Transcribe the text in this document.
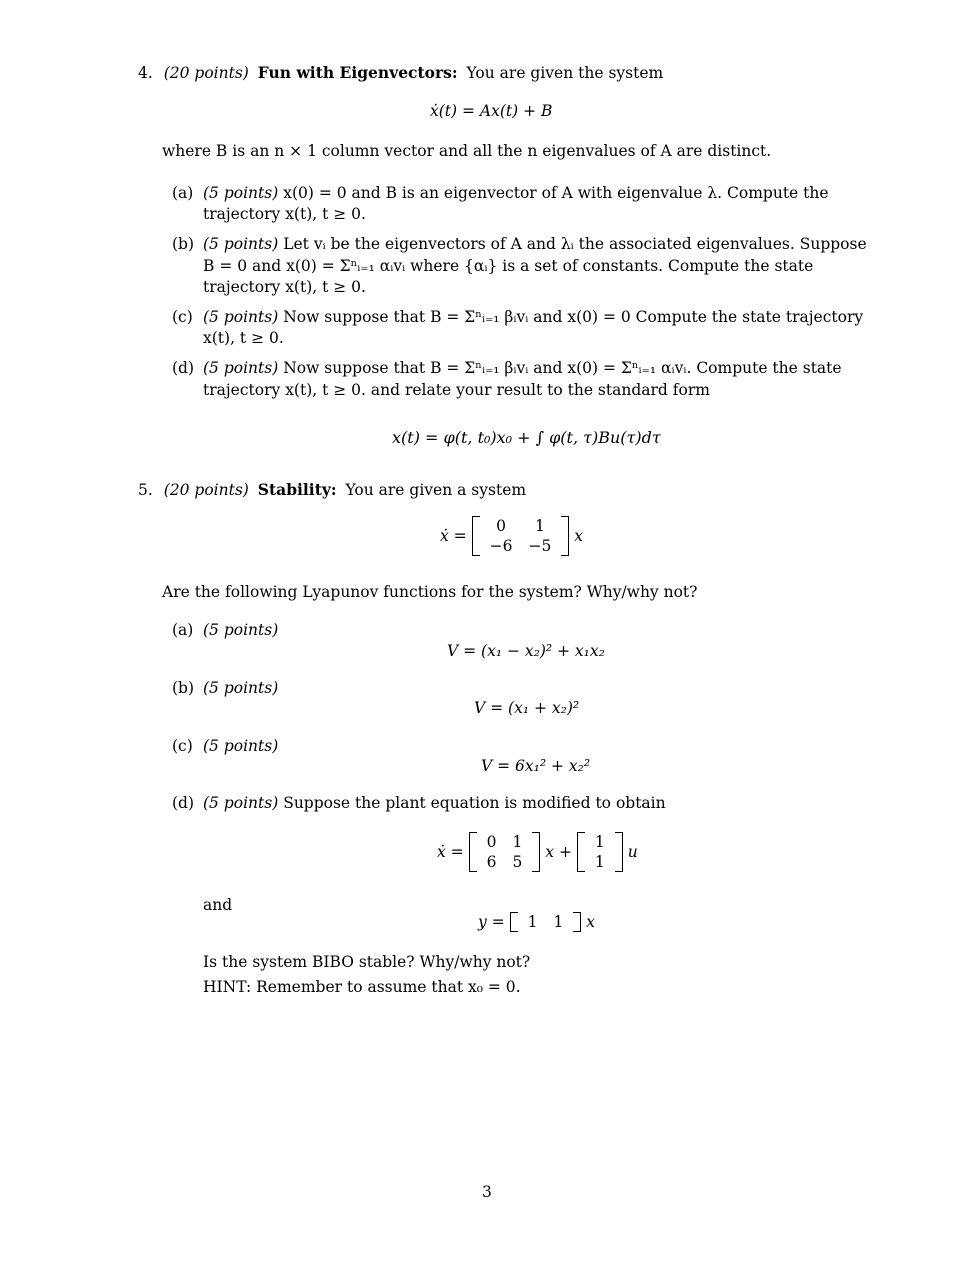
4. (20 points) Fun with Eigenvectors: You are given the system
ẋ(t) = Ax(t) + B
where B is an n × 1 column vector and all the n eigenvalues of A are distinct.
(a) (5 points) x(0) = 0 and B is an eigenvector of A with eigenvalue λ. Compute the
trajectory x(t), t ≥ 0.
(b) (5 points) Let vᵢ be the eigenvectors of A and λᵢ the associated eigenvalues. Suppose
B = 0 and x(0) = Σⁿᵢ₌₁ αᵢvᵢ where {αᵢ} is a set of constants. Compute the state
trajectory x(t), t ≥ 0.
(c) (5 points) Now suppose that B = Σⁿᵢ₌₁ βᵢvᵢ and x(0) = 0 Compute the state trajectory
x(t), t ≥ 0.
(d) (5 points) Now suppose that B = Σⁿᵢ₌₁ βᵢvᵢ and x(0) = Σⁿᵢ₌₁ αᵢvᵢ. Compute the state
trajectory x(t), t ≥ 0. and relate your result to the standard form
x(t) = φ(t, t₀)x₀ + ∫ φ(t, τ)Bu(τ)dτ
5. (20 points) Stability: You are given a system
ẋ =
0	1
−6	−5
x
Are the following Lyapunov functions for the system? Why/why not?
(a) (5 points)
V = (x₁ − x₂)² + x₁x₂
(b) (5 points)
V = (x₁ + x₂)²
(c) (5 points)
V = 6x₁² + x₂²
(d) (5 points) Suppose the plant equation is modified to obtain
ẋ =
0	1
6	5
x +
1
1
u
and
y = 1	1 x
Is the system BIBO stable? Why/why not?
HINT: Remember to assume that x₀ = 0.
3
